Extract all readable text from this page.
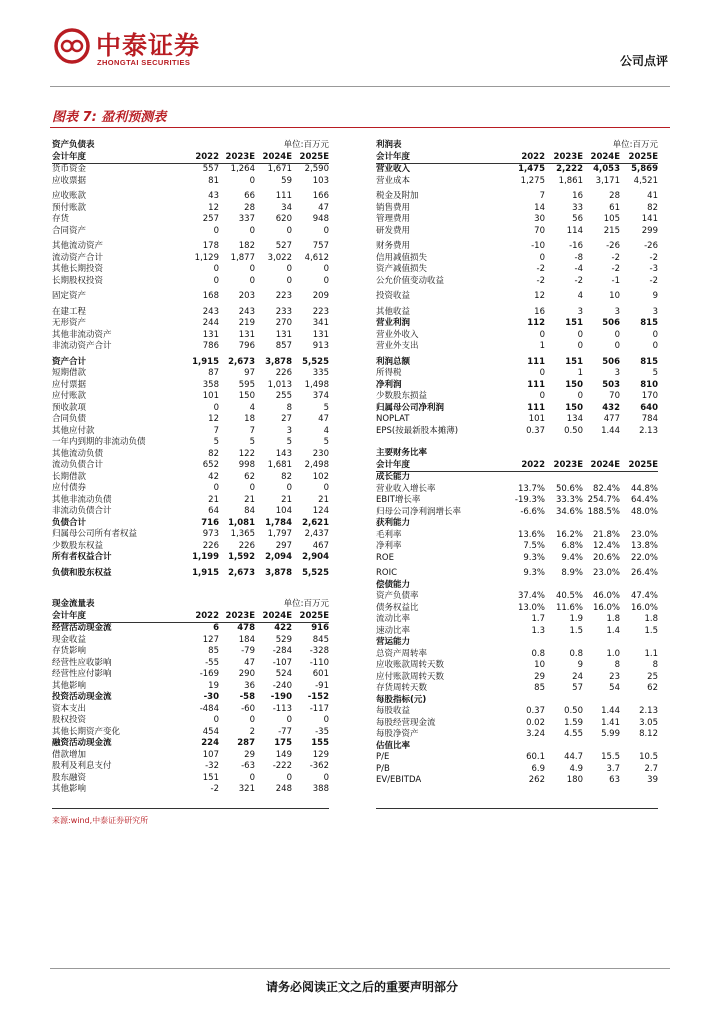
中泰证券
ZHONGTAI SECURITIES	公司点评
图表 7: 盈利预测表
资产负债表	单位:百万元
会计年度	2022 2023E 2024E 2025E
货币资金	557	1,264	1,671	2,590
应收票据	81	0	59	103
应收账款	43	66	111	166
预付账款	12	28	34	47
存货	257	337	620	948
合同资产	0	0	0	0
其他流动资产	178	182	527	757
流动资产合计	1,129	1,877	3,022	4,612
其他长期投资	0	0	0	0
长期股权投资	0	0	0	0
固定资产	168	203	223	209
在建工程	243	243	233	223
无形资产	244	219	270	341
其他非流动资产	131	131	131	131
非流动资产合计	786	796	857	913
资产合计	1,915	2,673	3,878	5,525
短期借款	87	97	226	335
应付票据	358	595	1,013	1,498
应付账款	101	150	255	374
预收款项	0	4	8	5
合同负债	12	18	27	47
其他应付款	7	7	3	4
一年内到期的非流动负债	5	5	5	5
其他流动负债	82	122	143	230
流动负债合计	652	998	1,681	2,498
长期借款	42	62	82	102
应付债券	0	0	0	0
其他非流动负债	21	21	21	21
非流动负债合计	64	84	104	124
负债合计	716	1,081	1,784	2,621
归属母公司所有者权益	973	1,365	1,797	2,437
少数股东权益	226	226	297	467
所有者权益合计	1,199	1,592	2,094	2,904
负债和股东权益	1,915	2,673	3,878	5,525
现金流量表	单位:百万元
会计年度	2022 2023E 2024E 2025E
经营活动现金流	6	478	422	916
现金收益	127	184	529	845
存货影响	85	-79	-284	-328
经营性应收影响	-55	47	-107	-110
经营性应付影响	-169	290	524	601
其他影响	19	36	-240	-91
投资活动现金流	-30	-58	-190	-152
资本支出	-484	-60	-113	-117
股权投资	0	0	0	0
其他长期资产变化	454	2	-77	-35
融资活动现金流	224	287	175	155
借款增加	107	29	149	129
股利及利息支付	-32	-63	-222	-362
股东融资	151	0	0	0
其他影响	-2	321	248	388
利润表	单位:百万元
会计年度	2022	2023E 2024E	2025E
营业收入	1,475	2,222	4,053	5,869
营业成本	1,275	1,861	3,171	4,521
税金及附加	7	16	28	41
销售费用	14	33	61	82
管理费用	30	56	105	141
研发费用	70	114	215	299
财务费用	-10	-16	-26	-26
信用减值损失	0	-8	-2	-2
资产减值损失	-2	-4	-2	-3
公允价值变动收益	-2	-2	-1	-2
投资收益	12	4	10	9
其他收益	16	3	3	3
营业利润	112	151	506	815
营业外收入	0	0	0	0
营业外支出	1	0	0	0
利润总额	111	151	506	815
所得税	0	1	3	5
净利润	111	150	503	810
少数股东损益	0	0	70	170
归属母公司净利润	111	150	432	640
NOPLAT	101	134	477	784
EPS(按最新股本摊薄)	0.37	0.50	1.44	2.13
主要财务比率
会计年度	2022	2023E 2024E	2025E
成长能力
营业收入增长率	13.7%	50.6%	82.4%	44.8%
EBIT增长率	-19.3%	33.3% 254.7%	64.4%
归母公司净利润增长率	-6.6%	34.6% 188.5%	48.0%
获利能力
毛利率	13.6%	16.2%	21.8%	23.0%
净利率	7.5%	6.8%	12.4%	13.8%
ROE	9.3%	9.4%	20.6%	22.0%
ROIC	9.3%	8.9%	23.0%	26.4%
偿债能力
资产负债率	37.4%	40.5%	46.0%	47.4%
债务权益比	13.0%	11.6%	16.0%	16.0%
流动比率	1.7	1.9	1.8	1.8
速动比率	1.3	1.5	1.4	1.5
营运能力
总资产周转率	0.8	0.8	1.0	1.1
应收账款周转天数	10	9	8	8
应付账款周转天数	29	24	23	25
存货周转天数	85	57	54	62
每股指标(元)
每股收益	0.37	0.50	1.44	2.13
每股经营现金流	0.02	1.59	1.41	3.05
每股净资产	3.24	4.55	5.99	8.12
估值比率
P/E	60.1	44.7	15.5	10.5
P/B	6.9	4.9	3.7	2.7
EV/EBITDA	262	180	63	39
来源:wind,中泰证券研究所
请务必阅读正文之后的重要声明部分
